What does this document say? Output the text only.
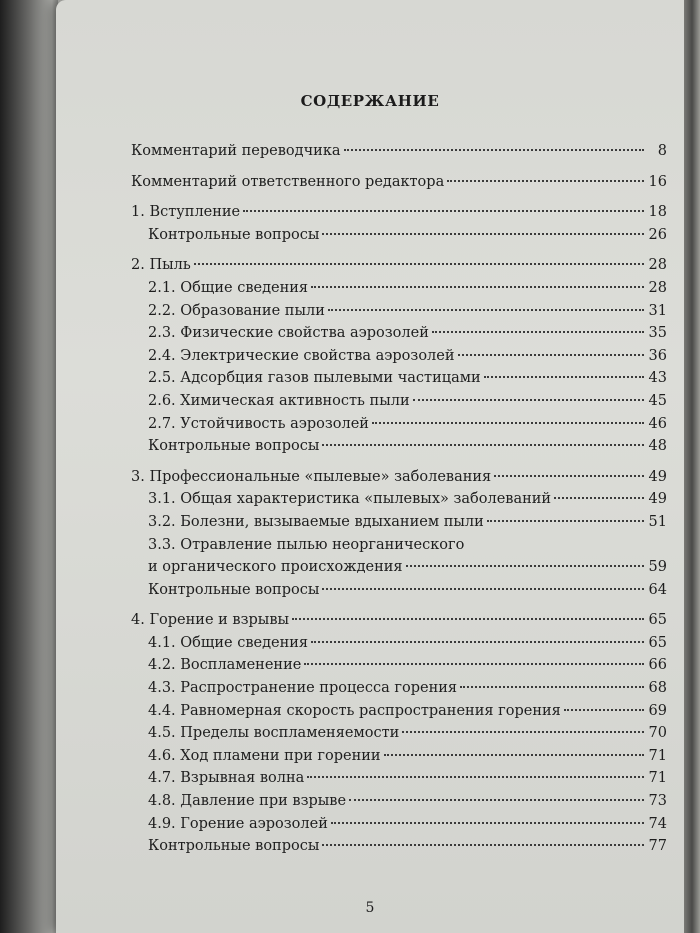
СОДЕРЖАНИЕ
Комментарий переводчика	8
Комментарий ответственного редактора	16
1. Вступление	18
Контрольные вопросы	26
2. Пыль	28
2.1. Общие сведения	28
2.2. Образование пыли	31
2.3. Физические свойства аэрозолей	35
2.4. Электрические свойства аэрозолей	36
2.5. Адсорбция газов пылевыми частицами	43
2.6. Химическая активность пыли	45
2.7. Устойчивость аэрозолей	46
Контрольные вопросы	48
3. Профессиональные «пылевые» заболевания	49
3.1. Общая характеристика «пылевых» заболеваний	49
3.2. Болезни, вызываемые вдыханием пыли	51
3.3. Отравление пылью неорганического
и органического происхождения	59
Контрольные вопросы	64
4. Горение и взрывы	65
4.1. Общие сведения	65
4.2. Воспламенение	66
4.3. Распространение процесса горения	68
4.4. Равномерная скорость распространения горения	69
4.5. Пределы воспламеняемости	70
4.6. Ход пламени при горении	71
4.7. Взрывная волна	71
4.8. Давление при взрыве	73
4.9. Горение аэрозолей	74
Контрольные вопросы	77
5
